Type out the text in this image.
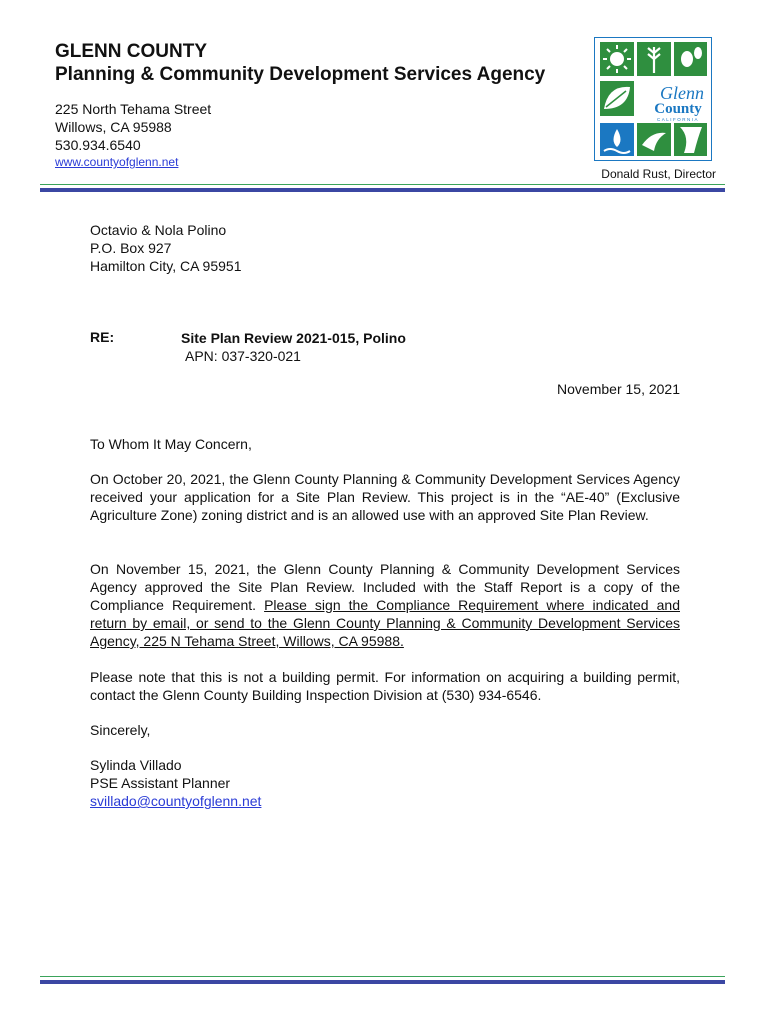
GLENN COUNTY
Planning & Community Development Services Agency
225 North Tehama Street
Willows, CA 95988
530.934.6540
www.countyofglenn.net
Glenn
County
CALIFORNIA
Donald Rust, Director
Octavio & Nola Polino
P.O. Box 927
Hamilton City, CA 95951
RE:	Site Plan Review 2021-015, Polino
APN: 037-320-021
November 15, 2021
To Whom It May Concern,
On October 20, 2021, the Glenn County Planning & Community Development Services Agency received your application for a Site Plan Review. This project is in the “AE-40” (Exclusive Agriculture Zone) zoning district and is an allowed use with an approved Site Plan Review.
On November 15, 2021, the Glenn County Planning & Community Development Services Agency approved the Site Plan Review. Included with the Staff Report is a copy of the Compliance Requirement. Please sign the Compliance Requirement where indicated and return by email, or send to the Glenn County Planning & Community Development Services Agency, 225 N Tehama Street, Willows, CA 95988.
Please note that this is not a building permit. For information on acquiring a building permit, contact the Glenn County Building Inspection Division at (530) 934-6546.
Sincerely,
Sylinda Villado
PSE Assistant Planner
svillado@countyofglenn.net
